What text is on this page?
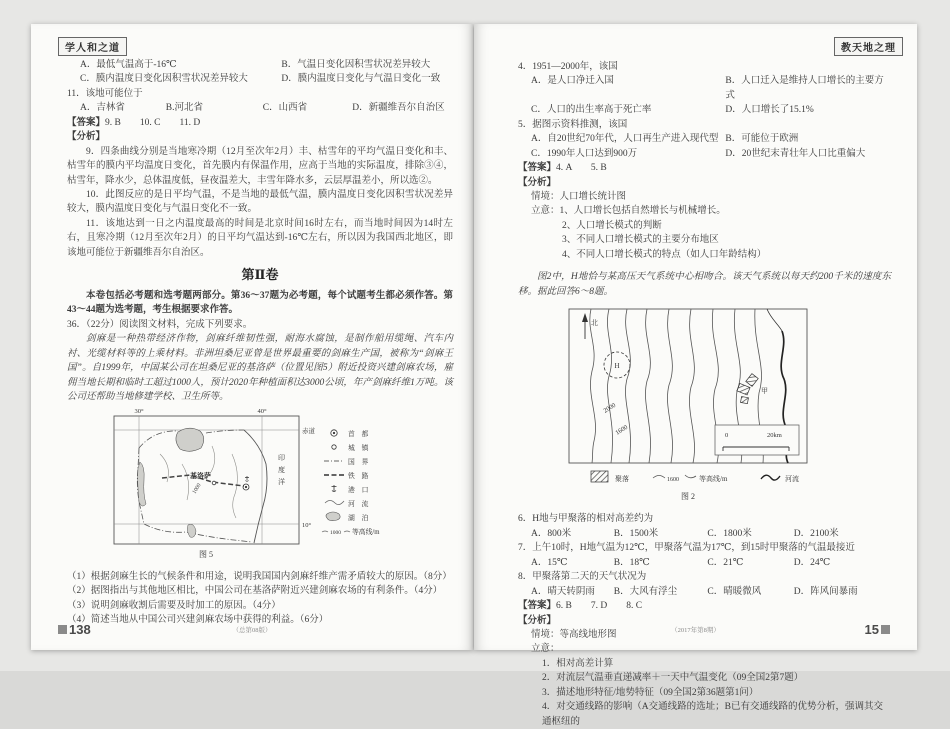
学人和之道
A．最低气温高于-16℃	B．气温日变化因积雪状况差异较大
C．膜内温度日变化因积雪状况差异较大	D．膜内温度日变化与气温日变化一致
11．该地可能位于
A．吉林省	B.河北省	C．山西省	D．新疆维吾尔自治区
【答案】9. B　　10. C　　11. D
【分析】

9．四条曲线分别是当地寒冷期（12月至次年2月）丰、枯雪年的平均气温日变化和丰、枯雪年的膜内平均温度日变化，首先膜内有保温作用，应高于当地的实际温度，排除③④，枯雪年，降水少，总体温度低，昼夜温差大，丰雪年降水多，云层厚温差小，所以选②。

10．此图反应的是日平均气温，不是当地的最低气温，膜内温度日变化因积雪状况差异较大，膜内温度日变化与气温日变化不一致。

11．该地达到一日之内温度最高的时间是北京时间16时左右，而当地时间因为14时左右，且寒冷期（12月至次年2月）的日平均气温达到-16℃左右，所以因为我国西北地区，即该地可能位于新疆维吾尔自治区。

第Ⅱ卷

本卷包括必考题和选考题两部分。第36～37题为必考题，每个试题考生都必须作答。第43～44题为选考题，考生根据要求作答。

36．（22分）阅读图文材料，完成下列要求。

剑麻是一种热带经济作物，剑麻纤维韧性强，耐海水腐蚀，是制作船用缆绳、汽车内衬、光缆材料等的上乘材料。非洲坦桑尼亚曾是世界最重要的剑麻生产国，被称为“剑麻王国”。自1999年，中国某公司在坦桑尼亚的基洛萨（位置见图5）附近投资兴建剑麻农场，雇佣当地长期和临时工超过1000人，预计2020年种植面积达3000公顷，年产剑麻纤维1万吨。该公司还帮助当地修建学校、卫生所等。

30°	40°
赤道
10°
1000
基洛萨
印 度 洋
首　都
城　镇
国　界
铁　路
港　口
河　流
湖　泊
1000 等高线/m
图 5
（1）根据剑麻生长的气候条件和用途，说明我国国内剑麻纤维产需矛盾较大的原因。（8分）
（2）据图指出与其他地区相比，中国公司在基洛萨附近兴建剑麻农场的有利条件。（4分）
（3）说明剑麻收割后需要及时加工的原因。（4分）
（4）简述当地从中国公司兴建剑麻农场中获得的利益。（6分）
138	（总第08版）
教天地之理
4．1951—2000年，该国
A．是人口净迁入国	B．人口迁入是维持人口增长的主要方式
C．人口的出生率高于死亡率	D．人口增长了15.1%
5．据图示资料推测，该国
A．自20世纪70年代，人口再生产进入现代型 B．可能位于欧洲
C．1990年人口达到900万	D．20世纪末青壮年人口比重偏大
【答案】4. A　　5. B
【分析】
情境：人口增长统计图
立意：1、人口增长包括自然增长与机械增长。
2、人口增长模式的判断
3、不同人口增长模式的主要分布地区
4、不同人口增长模式的特点（如人口年龄结构）

图2中，H地恰与某高压天气系统中心相吻合。该天气系统以每天约200千米的速度东移。据此回答6～8题。

北
H
甲
2000
1600	0	20km
聚落	1600	等高线/m	河流
图 2
6．H地与甲聚落的相对高差约为
A．800米	B．1500米	C．1800米	D．2100米
7．上午10时，H地气温为12℃，甲聚落气温为17℃，到15时甲聚落的气温最接近
A．15℃	B．18℃	C．21℃	D．24℃
8．甲聚落第二天的天气状况为
A．晴天转阴雨	B．大风有浮尘	C．晴暖微风	D．阵风间暴雨
【答案】6. B　　7. D　　8. C
【分析】
情境：等高线地形图
立意：
1．相对高差计算
2．对流层气温垂直递减率＋一天中气温变化（09全国2第7题）
3．描述地形特征/地势特征（09全国2第36题第1问）
4．对交通线路的影响（A交通线路的选址；B已有交通线路的优势分析，强调其交通枢纽的
15
（2017年第8期）
